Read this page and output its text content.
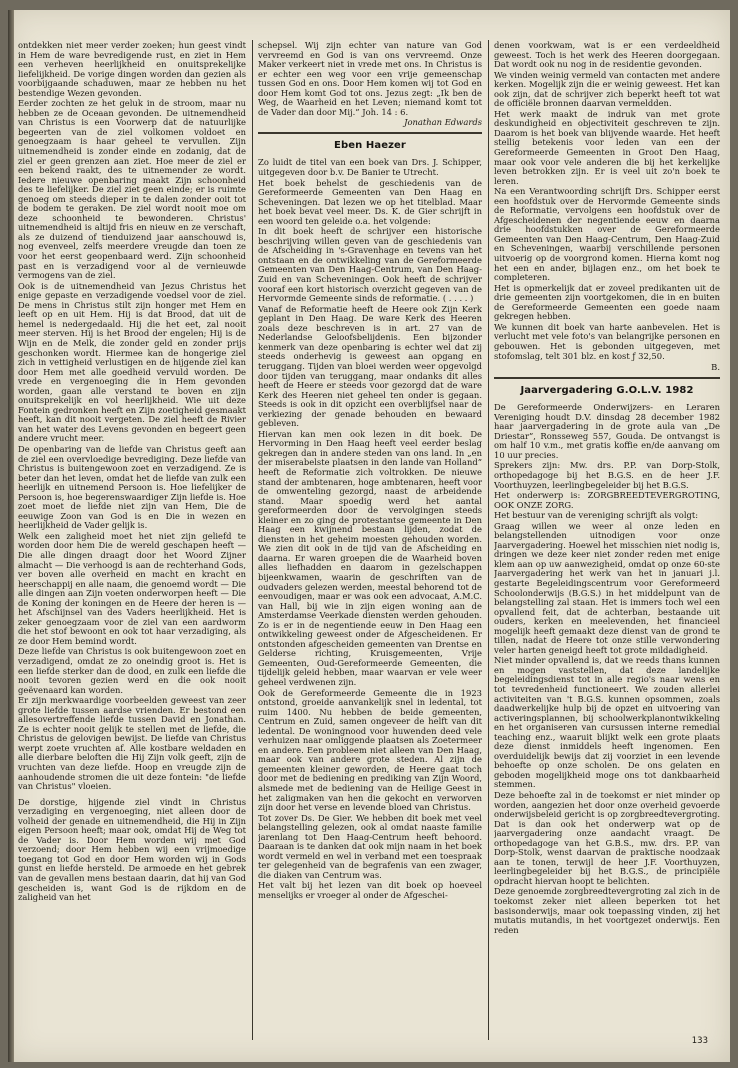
ontdekken niet meer verder zoeken; hun geest vindt in Hem de ware bevredigende rust, en ziet in Hem een verheven heerlijkheid en onuitsprekelijke liefelijkheid. De vorige dingen worden dan gezien als voorbijgaande schaduwen, maar ze hebben nu het bestendige Wezen gevonden.

Eerder zochten ze het geluk in de stroom, maar nu hebben ze de Oceaan gevonden. De uitnemendheid van Christus is een Voorwerp dat de natuurlijke begeerten van de ziel volkomen voldoet en genoegzaam is haar geheel te vervullen. Zijn uitnemendheid is zonder einde en zodanig, dat de ziel er geen grenzen aan ziet. Hoe meer de ziel er een bekend raakt, des te uitnemender ze wordt. Iedere nieuwe openbaring maakt Zijn schoonheid des te liefelijker. De ziel ziet geen einde; er is ruimte genoeg om steeds dieper in te dalen zonder ooit tot de bodem te geraken. De ziel wordt nooit moe om deze schoonheid te bewonderen. Christus' uitnemendheid is altijd fris en nieuw en ze verschaft, als ze duizend of tienduizend jaar aanschouwd is, nog evenveel, zelfs meerdere vreugde dan toen ze voor het eerst geopenbaard werd. Zijn schoonheid past en is verzadigend voor al de vernieuwde vermogens van de ziel.

Ook is de uitnemendheid van Jezus Christus het enige gepaste en verzadigende voedsel voor de ziel. De mens in Christus stilt zijn honger met Hem en leeft op en uit Hem. Hij is dat Brood, dat uit de hemel is nedergedaald. Hij die het eet, zal nooit meer sterven. Hij is het Brood der engelen; Hij is de Wijn en de Melk, die zonder geld en zonder prijs geschonken wordt. Hiermee kan de hongerige ziel zich in vettigheid verlustigen en de hijgende ziel kan door Hem met alle goedheid vervuld worden. De vrede en vergenoeging die in Hem gevonden worden, gaan alle verstand te boven en zijn onuitsprekelijk en vol heerlijkheid. Wie uit deze Fontein gedronken heeft en Zijn zoetigheid gesmaakt heeft, kan dit nooit vergeten. De ziel heeft de Rivier van het water des Levens gevonden en begeert geen andere vrucht meer.

De openbaring van de liefde van Christus geeft aan de ziel een overvloedige bevrediging. Deze liefde van Christus is buitengewoon zoet en verzadigend. Ze is beter dan het leven, omdat het de liefde van zulk een heerlijk en uitnemend Persoon is. Hoe liefelijker de Persoon is, hoe begerenswaardiger Zijn liefde is. Hoe zoet moet de liefde niet zijn van Hem, Die de eeuwige Zoon van God is en Die in wezen en heerlijkheid de Vader gelijk is.

Welk een zaligheid moet het niet zijn geliefd te worden door hem Die de wereld geschapen heeft — Die alle dingen draagt door het Woord Zijner almacht — Die verhoogd is aan de rechterhand Gods, ver boven alle overheid en macht en kracht en heerschappij en alle naam, die genoemd wordt — Die alle dingen aan Zijn voeten onderworpen heeft — Die de Koning der koningen en de Heere der heren is — het Afschijnsel van des Vaders heerlijkheid. Het is zeker genoegzaam voor de ziel van een aardworm die het stof bewoont en ook tot haar verzadiging, als ze door Hem bemind wordt.

Deze liefde van Christus is ook buitengewoon zoet en verzadigend, omdat ze zo oneindig groot is. Het is een liefde sterker dan de dood, en zulk een liefde die nooit tevoren gezien werd en die ook nooit geëvenaard kan worden.

Er zijn merkwaardige voorbeelden geweest van zeer grote liefde tussen aardse vrienden. Er bestond een allesovertreffende liefde tussen David en Jonathan. Ze is echter nooit gelijk te stellen met de liefde, die Christus de gelovigen bewijst. De liefde van Christus werpt zoete vruchten af. Alle kostbare weldaden en alle dierbare beloften die Hij Zijn volk geeft, zijn de vruchten van deze liefde. Hoop en vreugde zijn de aanhoudende stromen die uit deze fontein: "de liefde van Christus" vloeien.

De dorstige, hijgende ziel vindt in Christus verzadiging en vergenoeging, niet alleen door de volheid der genade en uitnemendheid, die Hij in Zijn eigen Persoon heeft; maar ook, omdat Hij de Weg tot de Vader is. Door Hem worden wij met God verzoend; door Hem hebben wij een vrijmoedige toegang tot God en door Hem worden wij in Gods gunst en liefde hersteld. De armoede en het gebrek van de gevallen mens bestaan daarin, dat hij van God gescheiden is, want God is de rijkdom en de zaligheid van het

schepsel. Wij zijn echter van nature van God vervreemd en God is van ons vervreemd. Onze Maker verkeert niet in vrede met ons. In Christus is er echter een weg voor een vrije gemeenschap tussen God en ons. Door Hem komen wij tot God en door Hem komt God tot ons. Jezus zegt: „Ik ben de Weg, de Waarheid en het Leven; niemand komt tot de Vader dan door Mij.” Joh. 14 : 6.

Jonathan Edwards

Eben Haezer

Zo luidt de titel van een boek van Drs. J. Schipper, uitgegeven door b.v. De Banier te Utrecht.

Het boek behelst de geschiedenis van de Gereformeerde Gemeenten van Den Haag en Scheveningen. Dat lezen we op het titelblad. Maar het boek bevat veel meer. Ds. K. de Gier schrijft in een woord ten geleide o.a. het volgende:

In dit boek heeft de schrijver een historische beschrijving willen geven van de geschiedenis van de Afscheiding in 's-Gravenhage en tevens van het ontstaan en de ontwikkeling van de Gereformeerde Gemeenten van Den Haag-Centrum, van Den Haag-Zuid en van Scheveningen. Ook heeft de schrijver vooraf een kort historisch overzicht gegeven van de Hervormde Gemeente sinds de reformatie. ( . . . . )

Vanaf de Reformatie heeft de Heere ook Zijn Kerk geplant in Den Haag. De ware Kerk des Heeren zoals deze beschreven is in art. 27 van de Nederlandse Geloofsbelijdenis. Een bijzonder kenmerk van deze openbaring is echter wel dat zij steeds onderhevig is geweest aan opgang en teruggang. Tijden van bloei werden weer opgevolgd door tijden van teruggang, maar ondanks dit alles heeft de Heere er steeds voor gezorgd dat de ware Kerk des Heeren niet geheel ten onder is gegaan. Steeds is ook in dit opzicht een overblijfsel naar de verkiezing der genade behouden en bewaard gebleven.

Hiervan kan men ook lezen in dit boek. De Hervorming in Den Haag heeft veel eerder beslag gekregen dan in andere steden van ons land. In „en der miserabelste plaatsen in den lande van Holland” heeft de Reformatie zich voltrokken. De nieuwe stand der ambtenaren, hoge ambtenaren, heeft voor de omwenteling gezorgd, naast de arbeidende stand. Maar spoedig werd het aantal gereformeerden door de vervolgingen steeds kleiner en zo ging de protestantse gemeente in Den Haag een kwijnend bestaan lijden, zodat de diensten in het geheim moesten gehouden worden. We zien dit ook in de tijd van de Afscheiding en daarna. Er waren groepen die de Waarheid boven alles liefhadden en daarom in gezelschappen bijeenkwamen, waarin de geschriften van de oudvaders gelezen werden, meestal behorend tot de eenvoudigen, maar er was ook een advocaat, A.M.C. van Hall, bij wie in zijn eigen woning aan de Amsterdamse Veerkade diensten werden gehouden. Zo is er in de negentiende eeuw in Den Haag een ontwikkeling geweest onder de Afgescheidenen. Er ontstonden afgescheiden gemeenten van Drentse en Gelderse richting, Kruisgemeenten, Vrije Gemeenten, Oud-Gereformeerde Gemeenten, die tijdelijk geleid hebben, maar waarvan er vele weer geheel verdwenen zijn.

Ook de Gereformeerde Gemeente die in 1923 ontstond, groeide aanvankelijk snel in ledental, tot ruim 1400. Nu hebben de beide gemeenten, Centrum en Zuid, samen ongeveer de helft van dit ledental. De woningnood voor huwenden deed vele verhuizen naar omliggende plaatsen als Zoetermeer en andere. Een probleem niet alleen van Den Haag, maar ook van andere grote steden. Al zijn de gemeenten kleiner geworden, de Heere gaat toch door met de bediening en prediking van Zijn Woord, alsmede met de bediening van de Heilige Geest in het zaligmaken van hen die gekocht en verworven zijn door het verse en levende bloed van Christus.

Tot zover Ds. De Gier. We hebben dit boek met veel belangstelling gelezen, ook al omdat naaste familie jarenlang tot Den Haag-Centrum heeft behoord. Daaraan is te danken dat ook mijn naam in het boek wordt vermeld en wel in verband met een toespraak ter gelegenheid van de begrafenis van een zwager, die diaken van Centrum was.

Het valt bij het lezen van dit boek op hoeveel menselijks er vroeger al onder de Afgeschei-

denen voorkwam, wat is er een verdeeldheid geweest. Toch is het werk des Heeren doorgegaan. Dat wordt ook nu nog in de residentie gevonden.

We vinden weinig vermeld van contacten met andere kerken. Mogelijk zijn die er weinig geweest. Het kan ook zijn, dat de schrijver zich beperkt heeft tot wat de officiële bronnen daarvan vermeldden.

Het werk maakt de indruk van met grote deskundigheid en objectiviteit geschreven te zijn. Daarom is het boek van blijvende waarde. Het heeft stellig betekenis voor leden van een der Gereformeerde Gemeenten in Groot Den Haag, maar ook voor vele anderen die bij het kerkelijke leven betrokken zijn. Er is veel uit zo'n boek te leren.

Na een Verantwoording schrijft Drs. Schipper eerst een hoofdstuk over de Hervormde Gemeente sinds de Reformatie, vervolgens een hoofdstuk over de Afgescheidenen der negentiende eeuw en daarna drie hoofdstukken over de Gereformeerde Gemeenten van Den Haag-Centrum, Den Haag-Zuid en Scheveningen, waarbij verschillende personen uitvoerig op de voorgrond komen. Hierna komt nog het een en ander, bijlagen enz., om het boek te completeren.

Het is opmerkelijk dat er zoveel predikanten uit de drie gemeenten zijn voortgekomen, die in en buiten de Gereformeerde Gemeenten een goede naam gekregen hebben.

We kunnen dit boek van harte aanbevelen. Het is verlucht met vele foto's van belangrijke personen en gebouwen. Het is gebonden uitgegeven, met stofomslag, telt 301 blz. en kost ƒ 32,50.

B.
Jaarvergadering G.O.L.V. 1982

De Gereformeerde Onderwijzers- en Leraren Vereniging houdt D.V. dinsdag 28 december 1982 haar jaarvergadering in de grote aula van „De Driestar”, Ronsseweg 557, Gouda. De ontvangst is om half 10 v.m., met gratis koffie en/de aanvang om 10 uur precies.

Sprekers zijn: Mw. drs. P.P. van Dorp-Stolk, orthopedagoge bij het B.G.S. en de heer J.F. Voorthuyzen, leerlingbegeleider bij het B.G.S.

Het onderwerp is: ZORGBREEDTEVERGROTING, OOK ONZE ZORG.

Het bestuur van de vereniging schrijft als volgt:

Graag willen we weer al onze leden en belangstellenden uitnodigen voor onze Jaarvergadering. Hoewel het misschien niet nodig is, dringen we deze keer niet zonder reden met enige klem aan op uw aanwezigheid, omdat op onze 60-ste Jaarvergadering het werk van het in januari j.l. gestarte Begeleidingscentrum voor Gereformeerd Schoolonderwijs (B.G.S.) in het middelpunt van de belangstelling zal staan. Het is immers toch wel een opvallend feit, dat de achterban, bestaande uit ouders, kerken en meelevenden, het financieel mogelijk heeft gemaakt deze dienst van de grond te tillen, nadat de Heere tot onze stille verwondering veler harten geneigd heeft tot grote mildadigheid.

Niet minder opvallend is, dat we reeds thans kunnen en mogen vaststellen, dat deze landelijke begeleidingsdienst tot in alle regio's naar wens en tot tevredenheid functioneert. We zouden allerlei activiteiten van 't B.G.S. kunnen opsommen, zoals daadwerkelijke hulp bij de opzet en uitvoering van activeringsplannen, bij schoolwerkplanontwikkeling en het organiseren van cursussen interne remedial teaching enz., waaruit blijkt welk een grote plaats deze dienst inmiddels heeft ingenomen. Een overduidelijk bewijs dat zij voorziet in een levende behoefte op onze scholen. De ons gelaten en geboden mogelijkheid moge ons tot dankbaarheid stemmen.

Deze behoefte zal in de toekomst er niet minder op worden, aangezien het door onze overheid gevoerde onderwijsbeleid gericht is op zorgbreedtevergroting. Dat is dan ook het onderwerp wat op de jaarvergadering onze aandacht vraagt. De orthopedagoge van het G.B.S., mw. drs. P.P. van Dorp-Stolk, wenst daarvan de praktische noodzaak aan te tonen, terwijl de heer J.F. Voorthuyzen, leerlingbegeleider bij het B.G.S., de principiële opdracht hiervan hoopt te belichten.

Deze genoemde zorgbreedtevergroting zal zich in de toekomst zeker niet alleen beperken tot het basisonderwijs, maar ook toepassing vinden, zij het mutatis mutandis, in het voortgezet onderwijs. Een reden

133
